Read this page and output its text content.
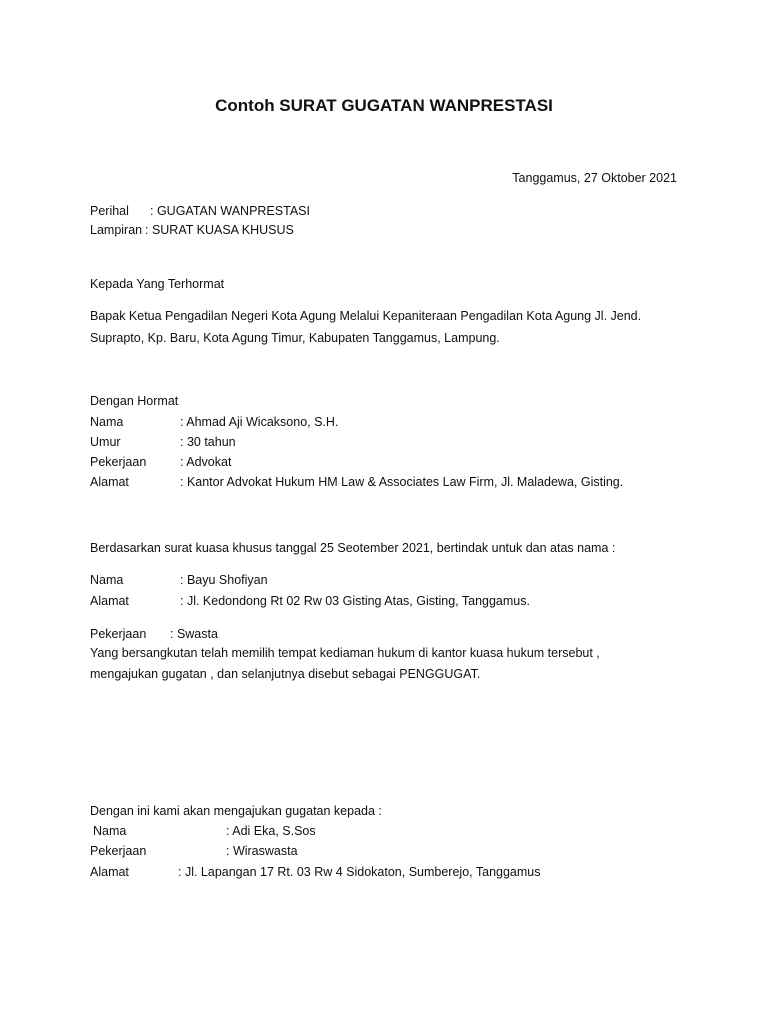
Contoh SURAT GUGATAN WANPRESTASI
Tanggamus, 27 Oktober 2021
Perihal : GUGATAN WANPRESTASI
Lampiran : SURAT KUASA KHUSUS
Kepada Yang Terhormat
Bapak Ketua Pengadilan Negeri Kota Agung Melalui Kepaniteraan Pengadilan Kota Agung Jl. Jend.
Suprapto, Kp. Baru, Kota Agung Timur, Kabupaten Tanggamus, Lampung.
Dengan Hormat
Nama	: Ahmad Aji Wicaksono, S.H.
Umur	: 30 tahun
Pekerjaan	: Advokat
Alamat	: Kantor Advokat Hukum HM Law & Associates Law Firm, Jl. Maladewa, Gisting.
Berdasarkan surat kuasa khusus tanggal 25 Seotember 2021, bertindak untuk dan atas nama :
Nama	: Bayu Shofiyan
Alamat	: Jl. Kedondong Rt 02 Rw 03 Gisting Atas, Gisting, Tanggamus.
Pekerjaan : Swasta
Yang bersangkutan telah memilih tempat kediaman hukum di kantor kuasa hukum tersebut ,
mengajukan gugatan , dan selanjutnya disebut sebagai PENGGUGAT.
Dengan ini kami akan mengajukan gugatan kepada :
Nama	: Adi Eka, S.Sos
Pekerjaan	: Wiraswasta
Alamat	: Jl. Lapangan 17 Rt. 03 Rw 4 Sidokaton, Sumberejo, Tanggamus
